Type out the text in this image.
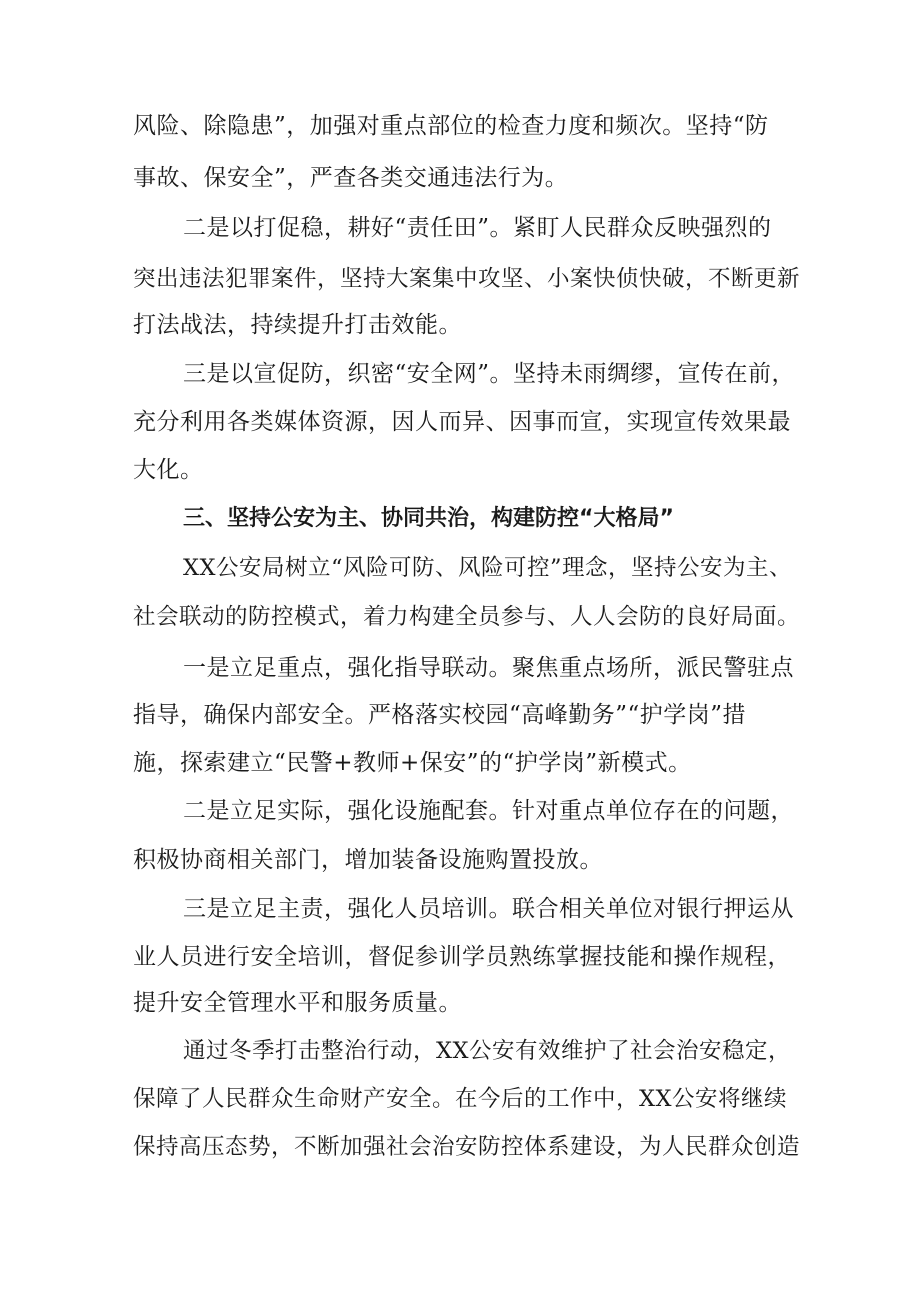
风险、除隐患”，加强对重点部位的检查力度和频次。坚持“防
事故、保安全”，严查各类交通违法行为。
二是以打促稳，耕好“责任田”。紧盯人民群众反映强烈的
突出违法犯罪案件，坚持大案集中攻坚、小案快侦快破，不断更新
打法战法，持续提升打击效能。
三是以宣促防，织密“安全网”。坚持未雨绸缪，宣传在前，
充分利用各类媒体资源，因人而异、因事而宣，实现宣传效果最
大化。
三、坚持公安为主、协同共治，构建防控“大格局”
XX公安局树立“风险可防、风险可控”理念，坚持公安为主、
社会联动的防控模式，着力构建全员参与、人人会防的良好局面。
一是立足重点，强化指导联动。聚焦重点场所，派民警驻点
指导，确保内部安全。严格落实校园“高峰勤务”“护学岗”措
施，探索建立“民警+教师+保安”的“护学岗”新模式。
二是立足实际，强化设施配套。针对重点单位存在的问题，
积极协商相关部门，增加装备设施购置投放。
三是立足主责，强化人员培训。联合相关单位对银行押运从
业人员进行安全培训，督促参训学员熟练掌握技能和操作规程，
提升安全管理水平和服务质量。
通过冬季打击整治行动，XX公安有效维护了社会治安稳定，
保障了人民群众生命财产安全。在今后的工作中，XX公安将继续
保持高压态势，不断加强社会治安防控体系建设，为人民群众创造
